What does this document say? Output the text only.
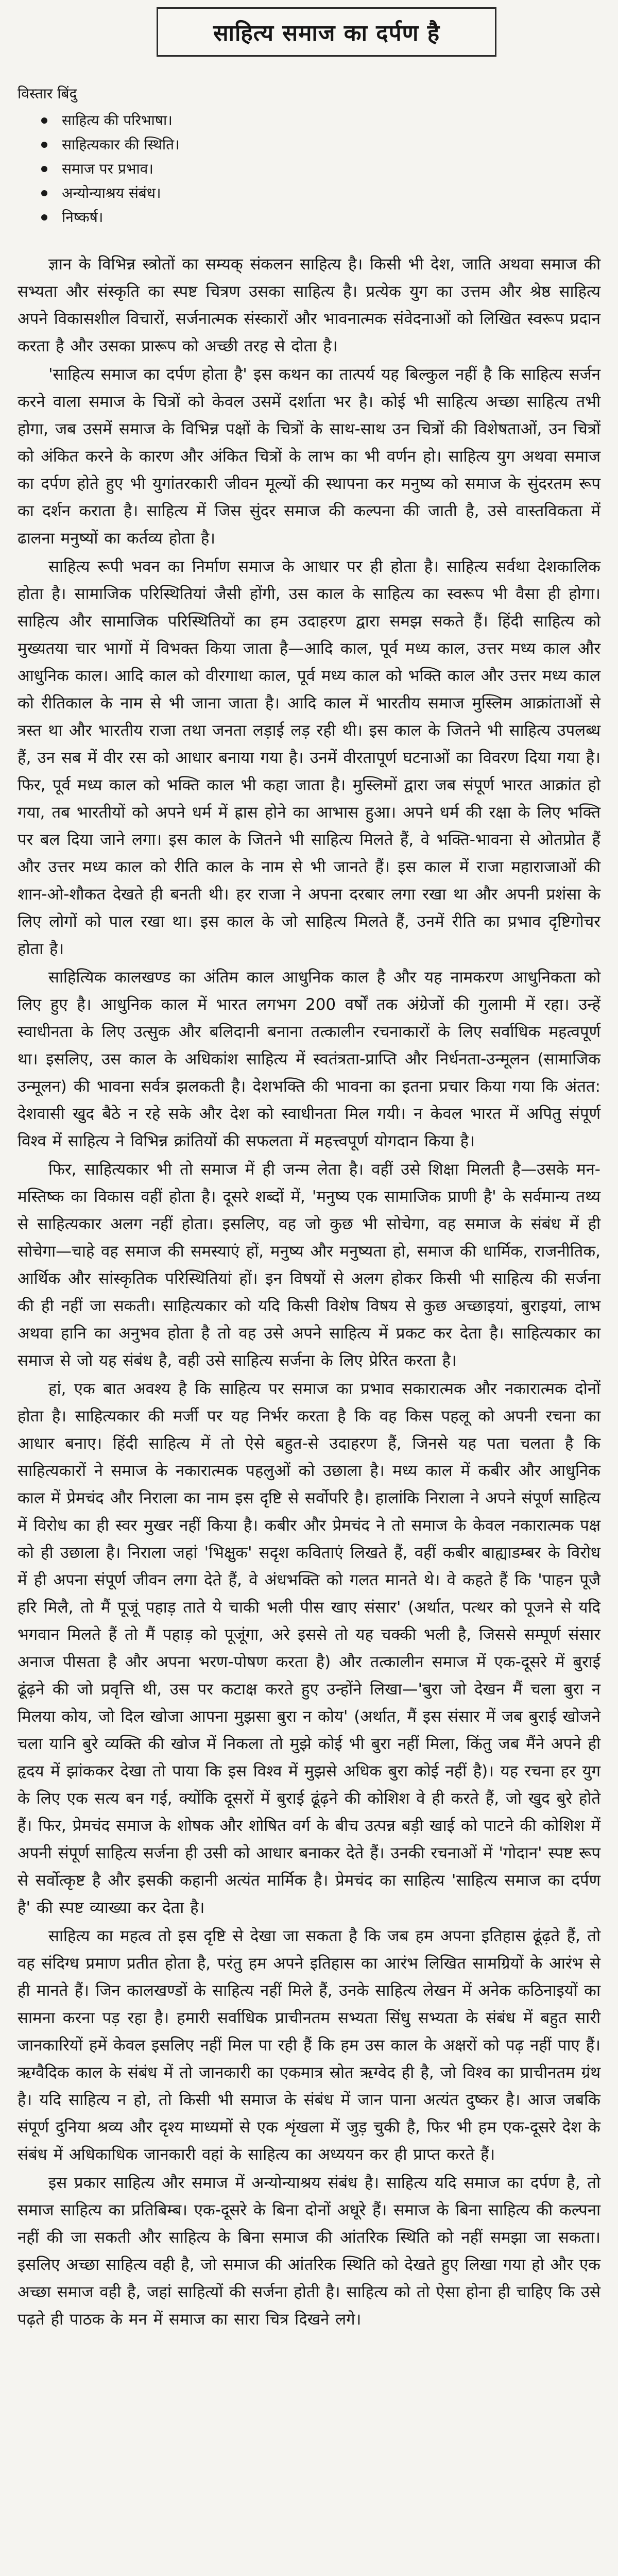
साहित्य समाज का दर्पण है
विस्तार बिंदु
साहित्य की परिभाषा।
साहित्यकार की स्थिति।
समाज पर प्रभाव।
अन्योन्याश्रय संबंध।
निष्कर्ष।

ज्ञान के विभिन्न स्त्रोतों का सम्यक् संकलन साहित्य है। किसी भी देश, जाति अथवा समाज की सभ्यता और संस्कृति का स्पष्ट चित्रण उसका साहित्य है। प्रत्येक युग का उत्तम और श्रेष्ठ साहित्य अपने विकासशील विचारों, सर्जनात्मक संस्कारों और भावनात्मक संवेदनाओं को लिखित स्वरूप प्रदान करता है और उसका प्रारूप को अच्छी तरह से दोता है।

'साहित्य समाज का दर्पण होता है' इस कथन का तात्पर्य यह बिल्कुल नहीं है कि साहित्य सर्जन करने वाला समाज के चित्रों को केवल उसमें दर्शाता भर है। कोई भी साहित्य अच्छा साहित्य तभी होगा, जब उसमें समाज के विभिन्न पक्षों के चित्रों के साथ-साथ उन चित्रों की विशेषताओं, उन चित्रों को अंकित करने के कारण और अंकित चित्रों के लाभ का भी वर्णन हो। साहित्य युग अथवा समाज का दर्पण होते हुए भी युगांतरकारी जीवन मूल्यों की स्थापना कर मनुष्य को समाज के सुंदरतम रूप का दर्शन कराता है। साहित्य में जिस सुंदर समाज की कल्पना की जाती है, उसे वास्तविकता में ढालना मनुष्यों का कर्तव्य होता है।

साहित्य रूपी भवन का निर्माण समाज के आधार पर ही होता है। साहित्य सर्वथा देशकालिक होता है। सामाजिक परिस्थितियां जैसी होंगी, उस काल के साहित्य का स्वरूप भी वैसा ही होगा। साहित्य और सामाजिक परिस्थितियों का हम उदाहरण द्वारा समझ सकते हैं। हिंदी साहित्य को मुख्यतया चार भागों में विभक्त किया जाता है—आदि काल, पूर्व मध्य काल, उत्तर मध्य काल और आधुनिक काल। आदि काल को वीरगाथा काल, पूर्व मध्य काल को भक्ति काल और उत्तर मध्य काल को रीतिकाल के नाम से भी जाना जाता है। आदि काल में भारतीय समाज मुस्लिम आक्रांताओं से त्रस्त था और भारतीय राजा तथा जनता लड़ाई लड़ रही थी। इस काल के जितने भी साहित्य उपलब्ध हैं, उन सब में वीर रस को आधार बनाया गया है। उनमें वीरतापूर्ण घटनाओं का विवरण दिया गया है। फिर, पूर्व मध्य काल को भक्ति काल भी कहा जाता है। मुस्लिमों द्वारा जब संपूर्ण भारत आक्रांत हो गया, तब भारतीयों को अपने धर्म में ह्रास होने का आभास हुआ। अपने धर्म की रक्षा के लिए भक्ति पर बल दिया जाने लगा। इस काल के जितने भी साहित्य मिलते हैं, वे भक्ति-भावना से ओतप्रोत हैं और उत्तर मध्य काल को रीति काल के नाम से भी जानते हैं। इस काल में राजा महाराजाओं की शान-ओ-शौकत देखते ही बनती थी। हर राजा ने अपना दरबार लगा रखा था और अपनी प्रशंसा के लिए लोगों को पाल रखा था। इस काल के जो साहित्य मिलते हैं, उनमें रीति का प्रभाव दृष्टिगोचर होता है।

साहित्यिक कालखण्ड का अंतिम काल आधुनिक काल है और यह नामकरण आधुनिकता को लिए हुए है। आधुनिक काल में भारत लगभग 200 वर्षों तक अंग्रेजों की गुलामी में रहा। उन्हें स्वाधीनता के लिए उत्सुक और बलिदानी बनाना तत्कालीन रचनाकारों के लिए सर्वाधिक महत्वपूर्ण था। इसलिए, उस काल के अधिकांश साहित्य में स्वतंत्रता-प्राप्ति और निर्धनता-उन्मूलन (सामाजिक उन्मूलन) की भावना सर्वत्र झलकती है। देशभक्ति की भावना का इतना प्रचार किया गया कि अंतत: देशवासी खुद बैठे न रहे सके और देश को स्वाधीनता मिल गयी। न केवल भारत में अपितु संपूर्ण विश्व में साहित्य ने विभिन्न क्रांतियों की सफलता में महत्त्वपूर्ण योगदान किया है।

फिर, साहित्यकार भी तो समाज में ही जन्म लेता है। वहीं उसे शिक्षा मिलती है—उसके मन-मस्तिष्क का विकास वहीं होता है। दूसरे शब्दों में, 'मनुष्य एक सामाजिक प्राणी है' के सर्वमान्य तथ्य से साहित्यकार अलग नहीं होता। इसलिए, वह जो कुछ भी सोचेगा, वह समाज के संबंध में ही सोचेगा—चाहे वह समाज की समस्याएं हों, मनुष्य और मनुष्यता हो, समाज की धार्मिक, राजनीतिक, आर्थिक और सांस्कृतिक परिस्थितियां हों। इन विषयों से अलग होकर किसी भी साहित्य की सर्जना की ही नहीं जा सकती। साहित्यकार को यदि किसी विशेष विषय से कुछ अच्छाइयां, बुराइयां, लाभ अथवा हानि का अनुभव होता है तो वह उसे अपने साहित्य में प्रकट कर देता है। साहित्यकार का समाज से जो यह संबंध है, वही उसे साहित्य सर्जना के लिए प्रेरित करता है।

हां, एक बात अवश्य है कि साहित्य पर समाज का प्रभाव सकारात्मक और नकारात्मक दोनों होता है। साहित्यकार की मर्जी पर यह निर्भर करता है कि वह किस पहलू को अपनी रचना का आधार बनाए। हिंदी साहित्य में तो ऐसे बहुत-से उदाहरण हैं, जिनसे यह पता चलता है कि साहित्यकारों ने समाज के नकारात्मक पहलुओं को उछाला है। मध्य काल में कबीर और आधुनिक काल में प्रेमचंद और निराला का नाम इस दृष्टि से सर्वोपरि है। हालांकि निराला ने अपने संपूर्ण साहित्य में विरोध का ही स्वर मुखर नहीं किया है। कबीर और प्रेमचंद ने तो समाज के केवल नकारात्मक पक्ष को ही उछाला है। निराला जहां 'भिक्षुक' सदृश कविताएं लिखते हैं, वहीं कबीर बाह्याडम्बर के विरोध में ही अपना संपूर्ण जीवन लगा देते हैं, वे अंधभक्ति को गलत मानते थे। वे कहते हैं कि 'पाहन पूजै हरि मिलै, तो मैं पूजूं पहाड़ ताते ये चाकी भली पीस खाए संसार' (अर्थात, पत्थर को पूजने से यदि भगवान मिलते हैं तो मैं पहाड़ को पूजूंगा, अरे इससे तो यह चक्की भली है, जिससे सम्पूर्ण संसार अनाज पीसता है और अपना भरण-पोषण करता है) और तत्कालीन समाज में एक-दूसरे में बुराई ढूंढ़ने की जो प्रवृत्ति थी, उस पर कटाक्ष करते हुए उन्होंने लिखा—'बुरा जो देखन मैं चला बुरा न मिलया कोय, जो दिल खोजा आपना मुझसा बुरा न कोय' (अर्थात, मैं इस संसार में जब बुराई खोजने चला यानि बुरे व्यक्ति की खोज में निकला तो मुझे कोई भी बुरा नहीं मिला, किंतु जब मैंने अपने ही हृदय में झांककर देखा तो पाया कि इस विश्व में मुझसे अधिक बुरा कोई नहीं है)। यह रचना हर युग के लिए एक सत्य बन गई, क्योंकि दूसरों में बुराई ढूंढ़ने की कोशिश वे ही करते हैं, जो खुद बुरे होते हैं। फिर, प्रेमचंद समाज के शोषक और शोषित वर्ग के बीच उत्पन्न बड़ी खाई को पाटने की कोशिश में अपनी संपूर्ण साहित्य सर्जना ही उसी को आधार बनाकर देते हैं। उनकी रचनाओं में 'गोदान' स्पष्ट रूप से सर्वोत्कृष्ट है और इसकी कहानी अत्यंत मार्मिक है। प्रेमचंद का साहित्य 'साहित्य समाज का दर्पण है' की स्पष्ट व्याख्या कर देता है।

साहित्य का महत्व तो इस दृष्टि से देखा जा सकता है कि जब हम अपना इतिहास ढूंढ़ते हैं, तो वह संदिग्ध प्रमाण प्रतीत होता है, परंतु हम अपने इतिहास का आरंभ लिखित सामग्रियों के आरंभ से ही मानते हैं। जिन कालखण्डों के साहित्य नहीं मिले हैं, उनके साहित्य लेखन में अनेक कठिनाइयों का सामना करना पड़ रहा है। हमारी सर्वाधिक प्राचीनतम सभ्यता सिंधु सभ्यता के संबंध में बहुत सारी जानकारियों हमें केवल इसलिए नहीं मिल पा रही हैं कि हम उस काल के अक्षरों को पढ़ नहीं पाए हैं। ऋग्वैदिक काल के संबंध में तो जानकारी का एकमात्र स्रोत ऋग्वेद ही है, जो विश्व का प्राचीनतम ग्रंथ है। यदि साहित्य न हो, तो किसी भी समाज के संबंध में जान पाना अत्यंत दुष्कर है। आज जबकि संपूर्ण दुनिया श्रव्य और दृश्य माध्यमों से एक शृंखला में जुड़ चुकी है, फिर भी हम एक-दूसरे देश के संबंध में अधिकाधिक जानकारी वहां के साहित्य का अध्ययन कर ही प्राप्त करते हैं।

इस प्रकार साहित्य और समाज में अन्योन्याश्रय संबंध है। साहित्य यदि समाज का दर्पण है, तो समाज साहित्य का प्रतिबिम्ब। एक-दूसरे के बिना दोनों अधूरे हैं। समाज के बिना साहित्य की कल्पना नहीं की जा सकती और साहित्य के बिना समाज की आंतरिक स्थिति को नहीं समझा जा सकता। इसलिए अच्छा साहित्य वही है, जो समाज की आंतरिक स्थिति को देखते हुए लिखा गया हो और एक अच्छा समाज वही है, जहां साहित्यों की सर्जना होती है। साहित्य को तो ऐसा होना ही चाहिए कि उसे पढ़ते ही पाठक के मन में समाज का सारा चित्र दिखने लगे।
